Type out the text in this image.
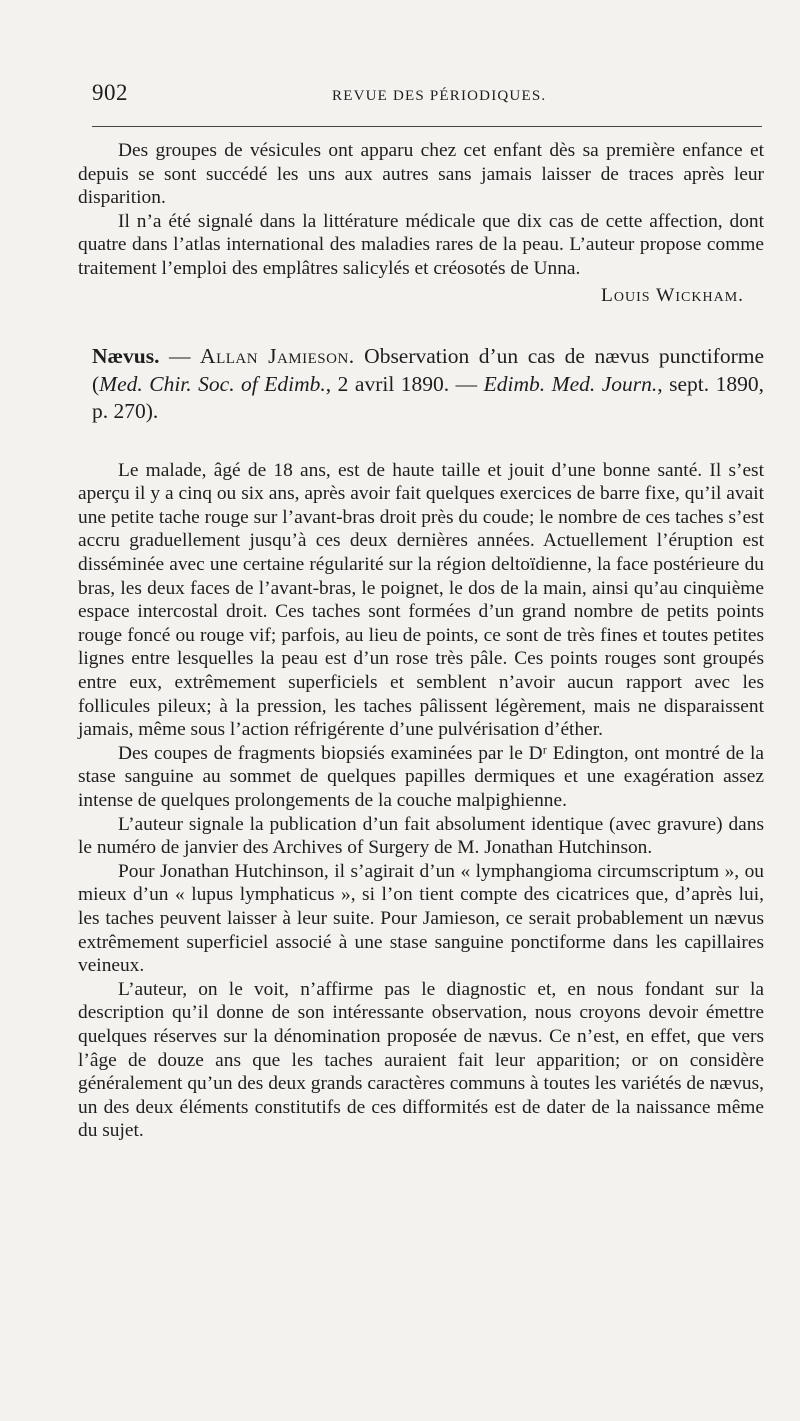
902	REVUE DES PÉRIODIQUES.

Des groupes de vésicules ont apparu chez cet enfant dès sa première enfance et depuis se sont succédé les uns aux autres sans jamais laisser de traces après leur disparition.

Il n’a été signalé dans la littérature médicale que dix cas de cette affection, dont quatre dans l’atlas international des maladies rares de la peau. L’auteur propose comme traitement l’emploi des emplâtres salicylés et créosotés de Unna.

Louis Wickham.
Nævus. — Allan Jamieson. Observation d’un cas de nævus punctiforme (Med. Chir. Soc. of Edimb., 2 avril 1890. — Edimb. Med. Journ., sept. 1890, p. 270).

Le malade, âgé de 18 ans, est de haute taille et jouit d’une bonne santé. Il s’est aperçu il y a cinq ou six ans, après avoir fait quelques exercices de barre fixe, qu’il avait une petite tache rouge sur l’avant-bras droit près du coude; le nombre de ces taches s’est accru graduellement jusqu’à ces deux dernières années. Actuellement l’éruption est disséminée avec une certaine régularité sur la région deltoïdienne, la face postérieure du bras, les deux faces de l’avant-bras, le poignet, le dos de la main, ainsi qu’au cinquième espace intercostal droit. Ces taches sont formées d’un grand nombre de petits points rouge foncé ou rouge vif; parfois, au lieu de points, ce sont de très fines et toutes petites lignes entre lesquelles la peau est d’un rose très pâle. Ces points rouges sont groupés entre eux, extrêmement superficiels et semblent n’avoir aucun rapport avec les follicules pileux; à la pression, les taches pâlissent légèrement, mais ne disparaissent jamais, même sous l’action réfrigérente d’une pulvérisation d’éther.

Des coupes de fragments biopsiés examinées par le Dʳ Edington, ont montré de la stase sanguine au sommet de quelques papilles dermiques et une exagération assez intense de quelques prolongements de la couche malpighienne.

L’auteur signale la publication d’un fait absolument identique (avec gravure) dans le numéro de janvier des Archives of Surgery de M. Jonathan Hutchinson.

Pour Jonathan Hutchinson, il s’agirait d’un « lymphangioma circumscriptum », ou mieux d’un « lupus lymphaticus », si l’on tient compte des cicatrices que, d’après lui, les taches peuvent laisser à leur suite. Pour Jamieson, ce serait probablement un nævus extrêmement superficiel associé à une stase sanguine ponctiforme dans les capillaires veineux.

L’auteur, on le voit, n’affirme pas le diagnostic et, en nous fondant sur la description qu’il donne de son intéressante observation, nous croyons devoir émettre quelques réserves sur la dénomination proposée de nævus. Ce n’est, en effet, que vers l’âge de douze ans que les taches auraient fait leur apparition; or on considère généralement qu’un des deux grands caractères communs à toutes les variétés de nævus, un des deux éléments constitutifs de ces difformités est de dater de la naissance même du sujet.
